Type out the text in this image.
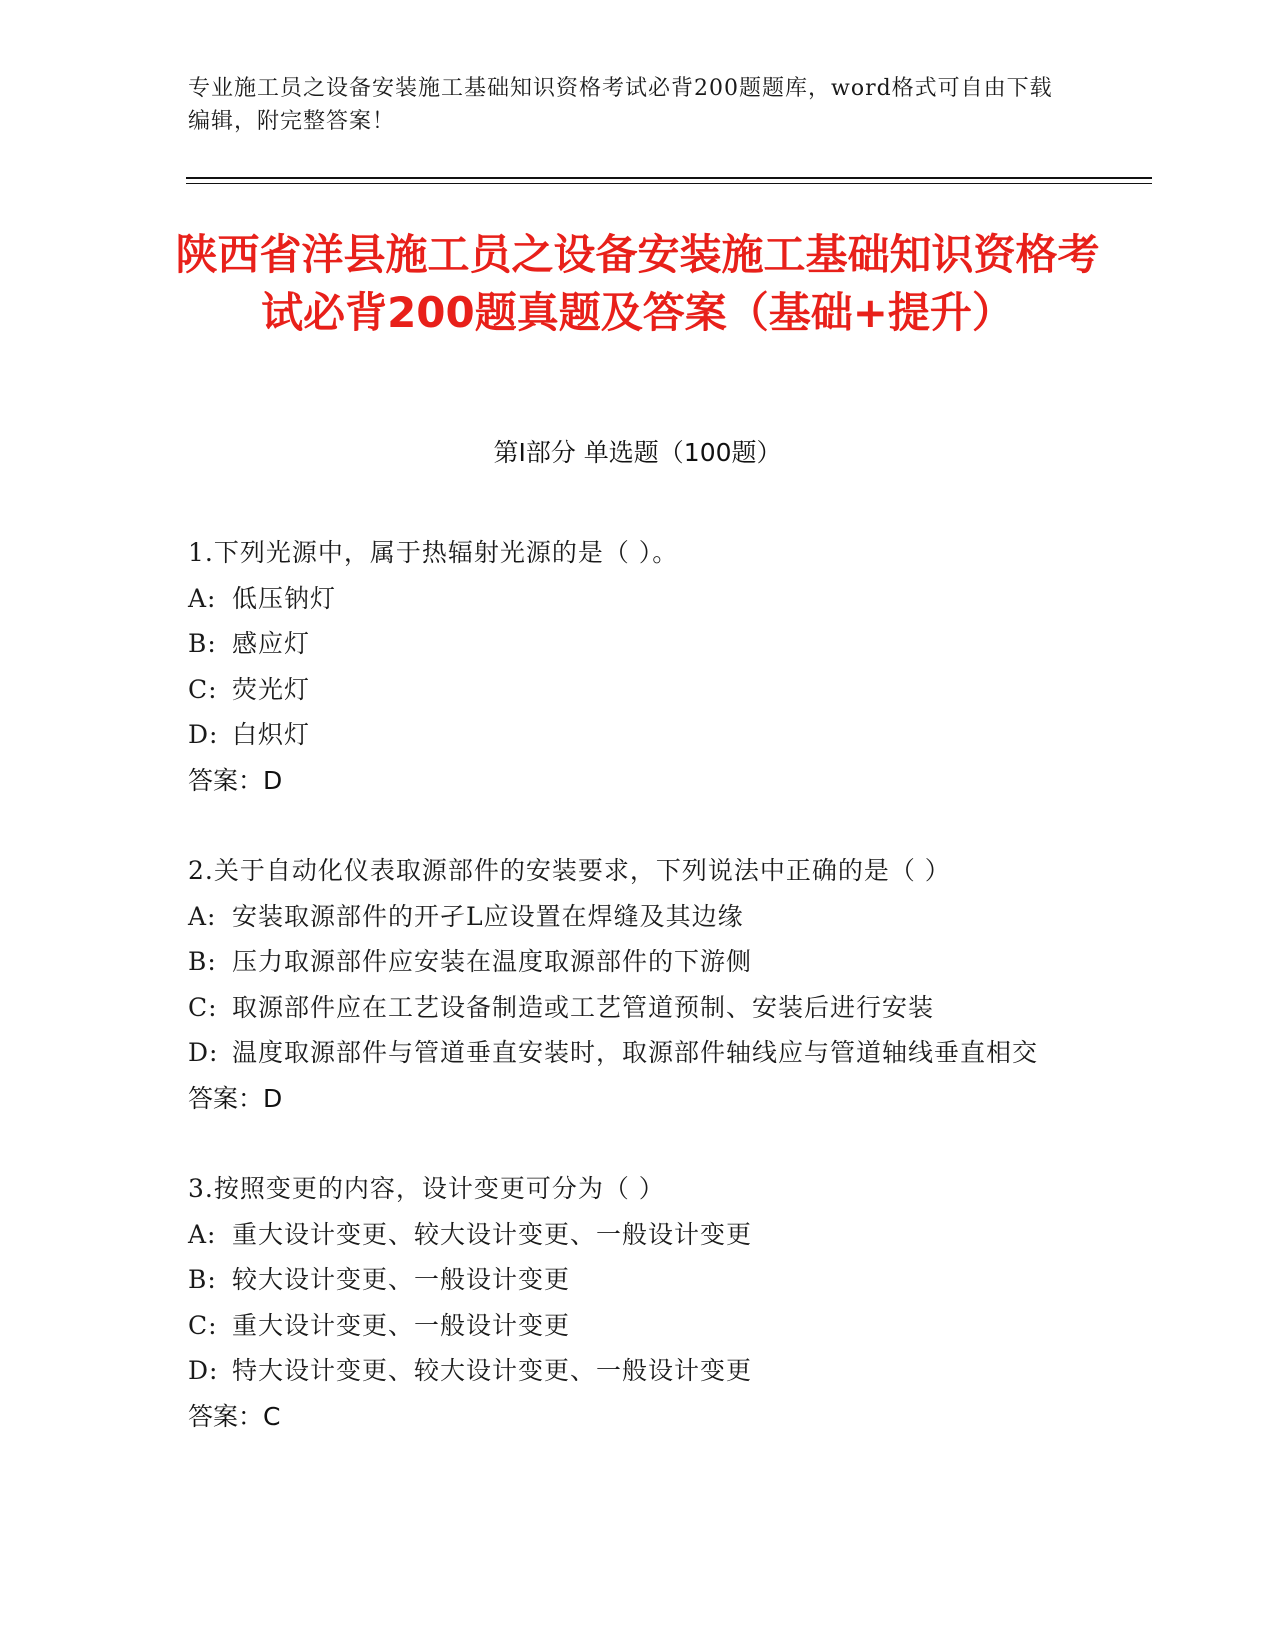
专业施工员之设备安装施工基础知识资格考试必背200题题库，word格式可自由下载编辑，附完整答案！
陕西省洋县施工员之设备安装施工基础知识资格考试必背200题真题及答案（基础+提升）
第I部分 单选题（100题）
1.下列光源中，属于热辐射光源的是（ ）。
A: 低压钠灯
B: 感应灯
C: 荧光灯
D: 白炽灯
答案：D
2.关于自动化仪表取源部件的安装要求，下列说法中正确的是（ ）
A: 安装取源部件的开孑L应设置在焊缝及其边缘
B: 压力取源部件应安装在温度取源部件的下游侧
C: 取源部件应在工艺设备制造或工艺管道预制、安装后进行安装
D: 温度取源部件与管道垂直安装时，取源部件轴线应与管道轴线垂直相交
答案：D
3.按照变更的内容，设计变更可分为（ ）
A: 重大设计变更、较大设计变更、一般设计变更
B: 较大设计变更、一般设计变更
C: 重大设计变更、一般设计变更
D: 特大设计变更、较大设计变更、一般设计变更
答案：C
